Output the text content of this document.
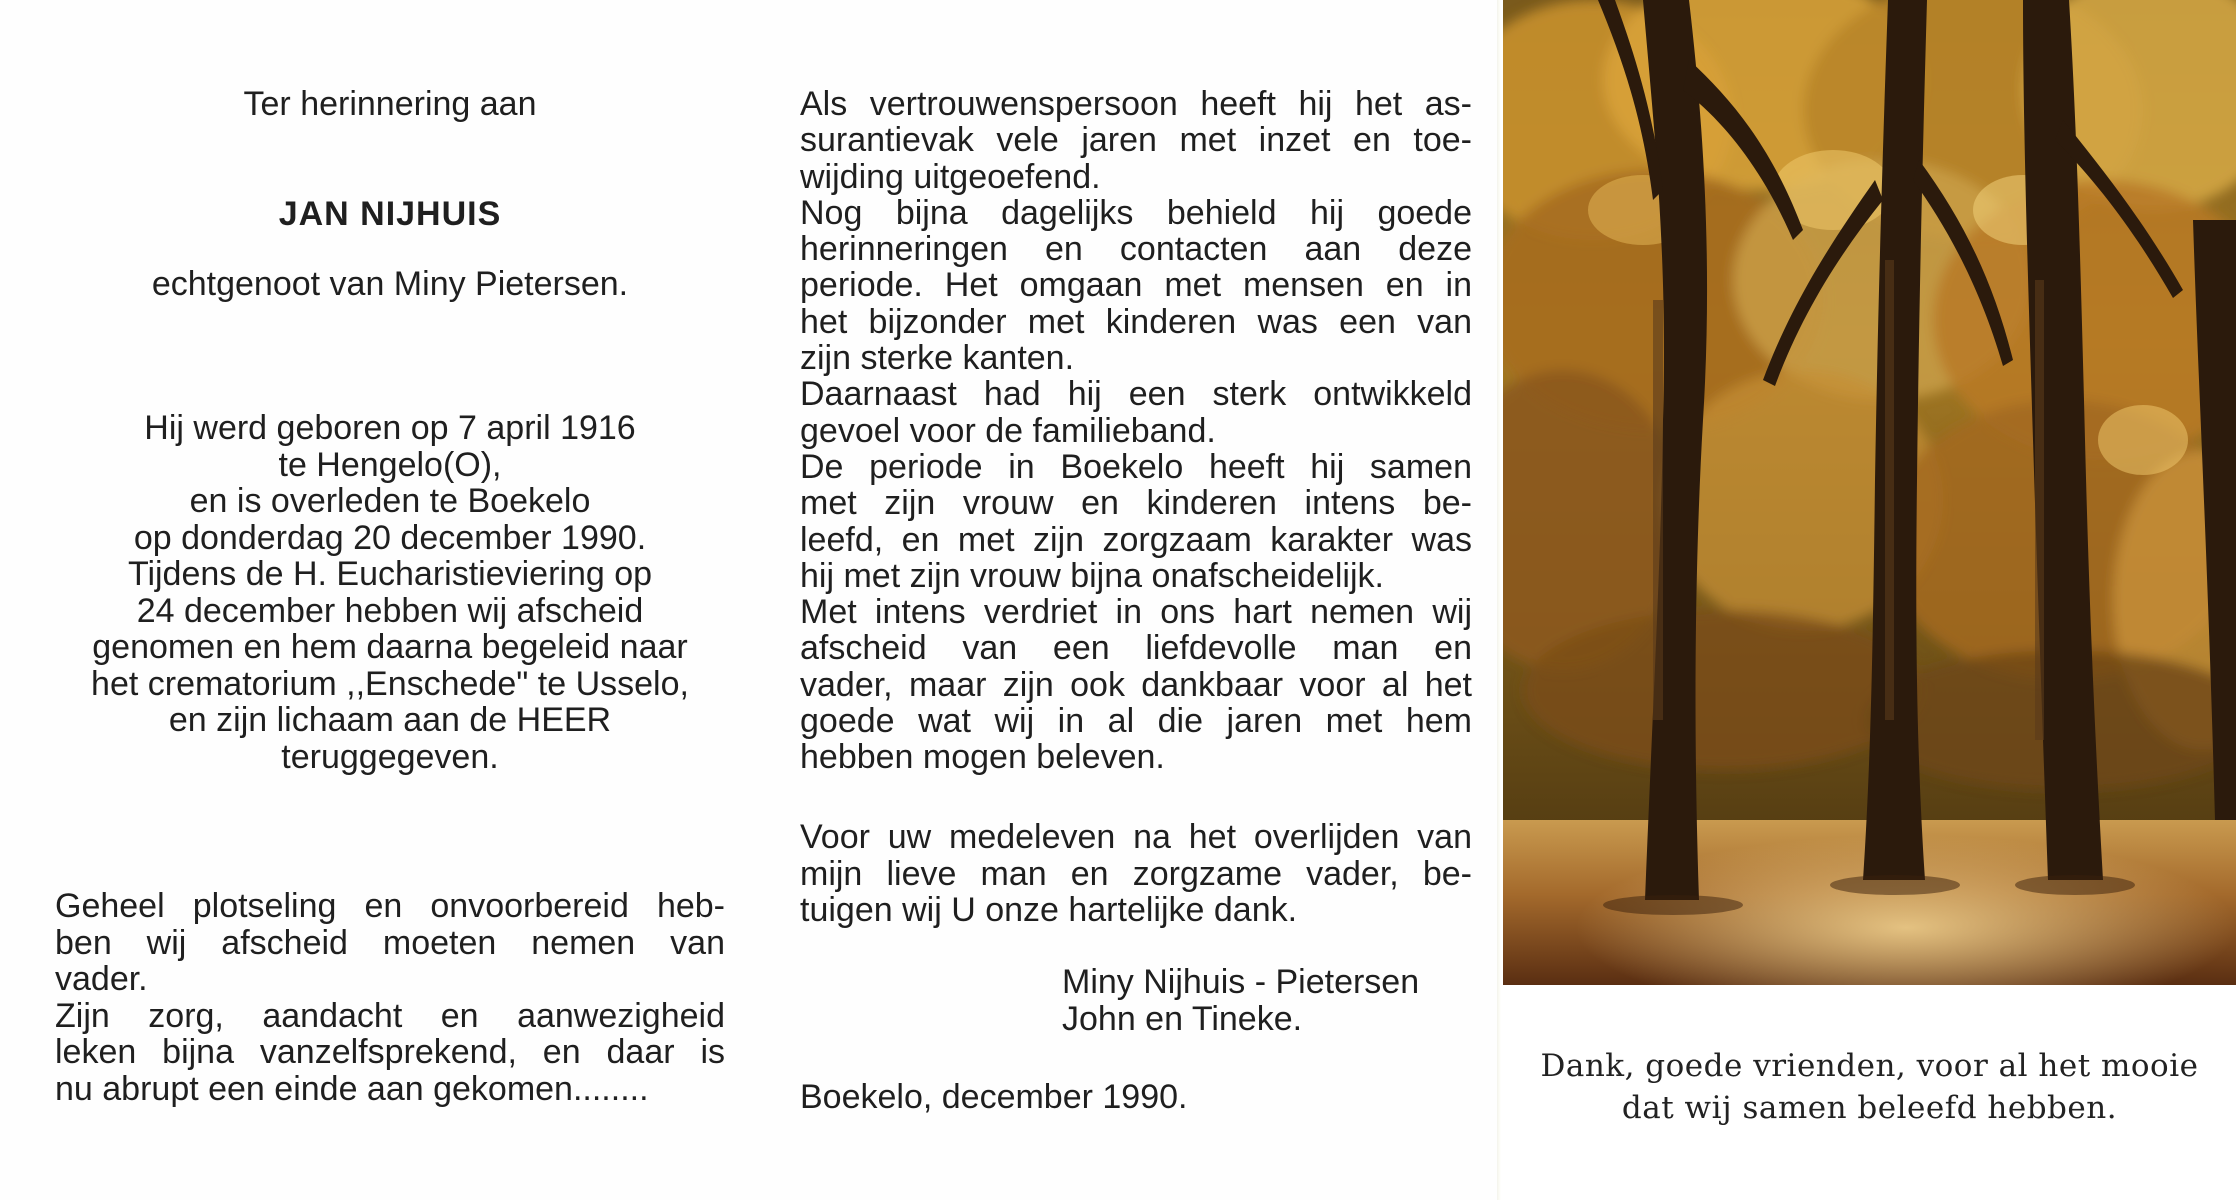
Ter herinnering aan
JAN NIJHUIS
echtgenoot van Miny Pietersen.
Hij werd geboren op 7 april 1916
te Hengelo(O),
en is overleden te Boekelo
op donderdag 20 december 1990.
Tijdens de H. Eucharistieviering op
24 december hebben wij afscheid
genomen en hem daarna begeleid naar
het crematorium ,,Enschede" te Usselo,
en zijn lichaam aan de HEER
teruggegeven.
Geheel plotseling en onvoorbereid heb-
ben wij afscheid moeten nemen van
vader.
Zijn zorg, aandacht en aanwezigheid
leken bijna vanzelfsprekend, en daar is
nu abrupt een einde aan gekomen........
Als vertrouwenspersoon heeft hij het as-
surantievak vele jaren met inzet en toe-
wijding uitgeoefend.
Nog bijna dagelijks behield hij goede
herinneringen en contacten aan deze
periode. Het omgaan met mensen en in
het bijzonder met kinderen was een van
zijn sterke kanten.
Daarnaast had hij een sterk ontwikkeld
gevoel voor de familieband.
De periode in Boekelo heeft hij samen
met zijn vrouw en kinderen intens be-
leefd, en met zijn zorgzaam karakter was
hij met zijn vrouw bijna onafscheidelijk.
Met intens verdriet in ons hart nemen wij
afscheid van een liefdevolle man en
vader, maar zijn ook dankbaar voor al het
goede wat wij in al die jaren met hem
hebben mogen beleven.
Voor uw medeleven na het overlijden van
mijn lieve man en zorgzame vader, be-
tuigen wij U onze hartelijke dank.
Miny Nijhuis - Pietersen
John en Tineke.
Boekelo, december 1990.
Dank, goede vrienden, voor al het mooie
dat wij samen beleefd hebben.
